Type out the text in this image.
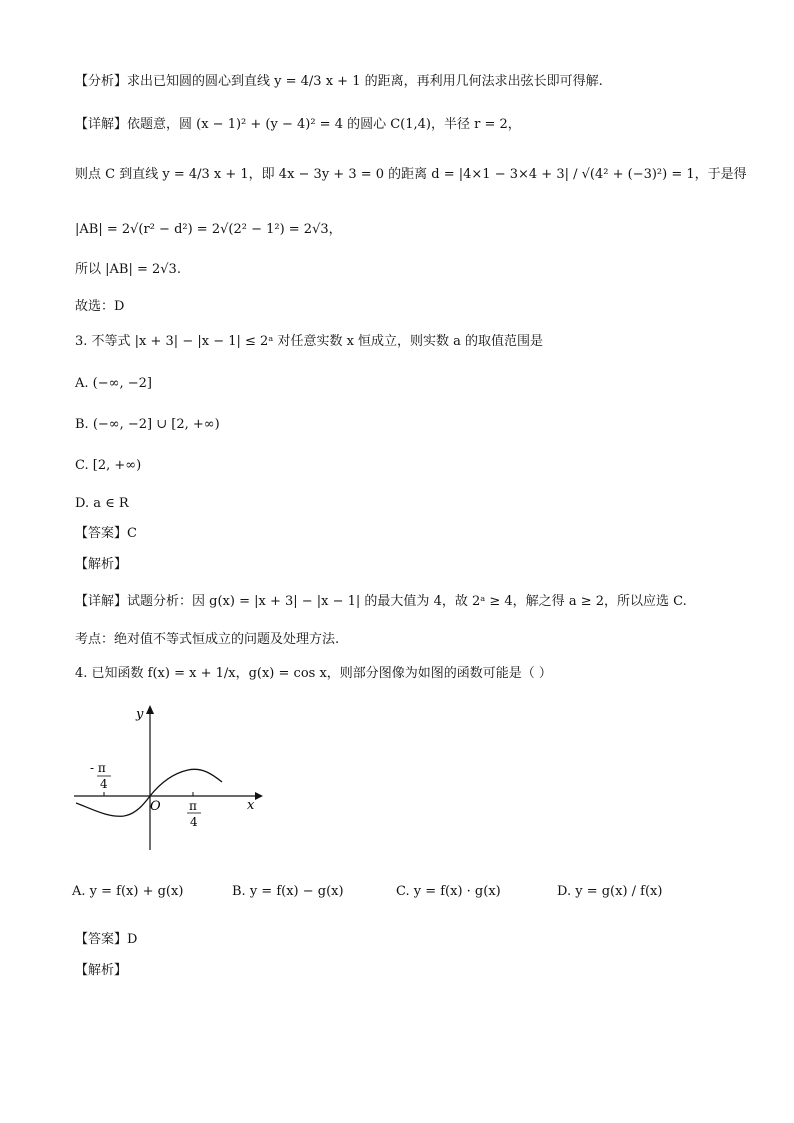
【分析】求出已知圆的圆心到直线 y = 4/3 x + 1 的距离，再利用几何法求出弦长即可得解.
【详解】依题意，圆 (x − 1)² + (y − 4)² = 4 的圆心 C(1,4)，半径 r = 2，
则点 C 到直线 y = 4/3 x + 1，即 4x − 3y + 3 = 0 的距离 d = |4×1 − 3×4 + 3| / √(4² + (−3)²) = 1，于是得
|AB| = 2√(r² − d²) = 2√(2² − 1²) = 2√3，
所以 |AB| = 2√3.
故选：D
3. 不等式 |x + 3| − |x − 1| ≤ 2ᵃ 对任意实数 x 恒成立，则实数 a 的取值范围是
A. (−∞, −2]
B. (−∞, −2] ∪ [2, +∞)
C. [2, +∞)
D. a ∈ R
【答案】C
【解析】
【详解】试题分析：因 g(x) = |x + 3| − |x − 1| 的最大值为 4，故 2ᵃ ≥ 4，解之得 a ≥ 2，所以应选 C.
考点：绝对值不等式恒成立的问题及处理方法.
4. 已知函数 f(x) = x + 1/x，g(x) = cos x，则部分图像为如图的函数可能是（ ）
y
x
O
- π
4
π
4
A. y = f(x) + g(x)	B. y = f(x) − g(x)	C. y = f(x) · g(x)	D. y = g(x) / f(x)
【答案】D
【解析】
